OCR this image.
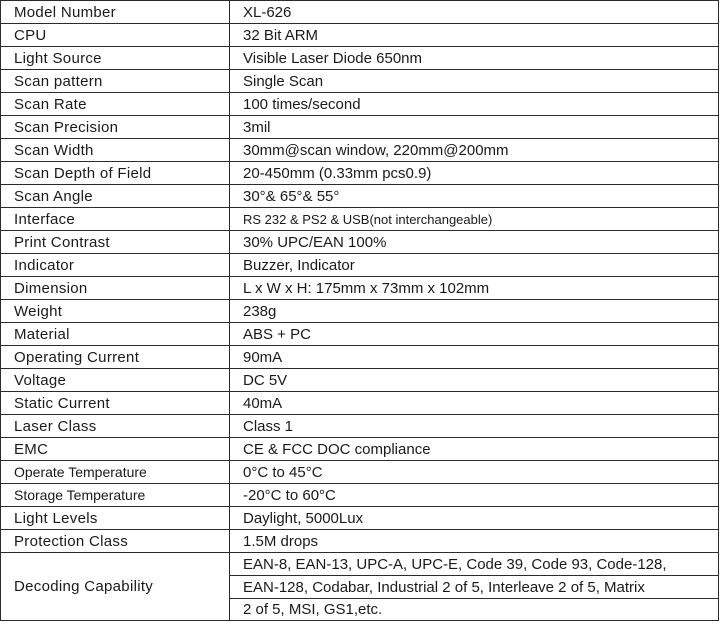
Model Number	XL-626
CPU	32 Bit ARM
Light Source	Visible Laser Diode 650nm
Scan pattern	Single Scan
Scan Rate	100 times/second
Scan Precision	3mil
Scan Width	30mm@scan window, 220mm@200mm
Scan Depth of Field	20-450mm (0.33mm pcs0.9)
Scan Angle	30°& 65°& 55°
Interface	RS 232 & PS2 & USB(not interchangeable)
Print Contrast	30% UPC/EAN 100%
Indicator	Buzzer, Indicator
Dimension	L x W x H: 175mm x 73mm x 102mm
Weight	238g
Material	ABS + PC
Operating Current	90mA
Voltage	DC 5V
Static Current	40mA
Laser Class	Class 1
EMC	CE & FCC DOC compliance
Operate Temperature	0°C to 45°C
Storage Temperature	-20°C to 60°C
Light Levels	Daylight, 5000Lux
Protection Class	1.5M drops
Decoding Capability	EAN-8, EAN-13, UPC-A, UPC-E, Code 39, Code 93, Code-128,
	EAN-128, Codabar, Industrial 2 of 5, Interleave 2 of 5, Matrix
	2 of 5, MSI, GS1,etc.
